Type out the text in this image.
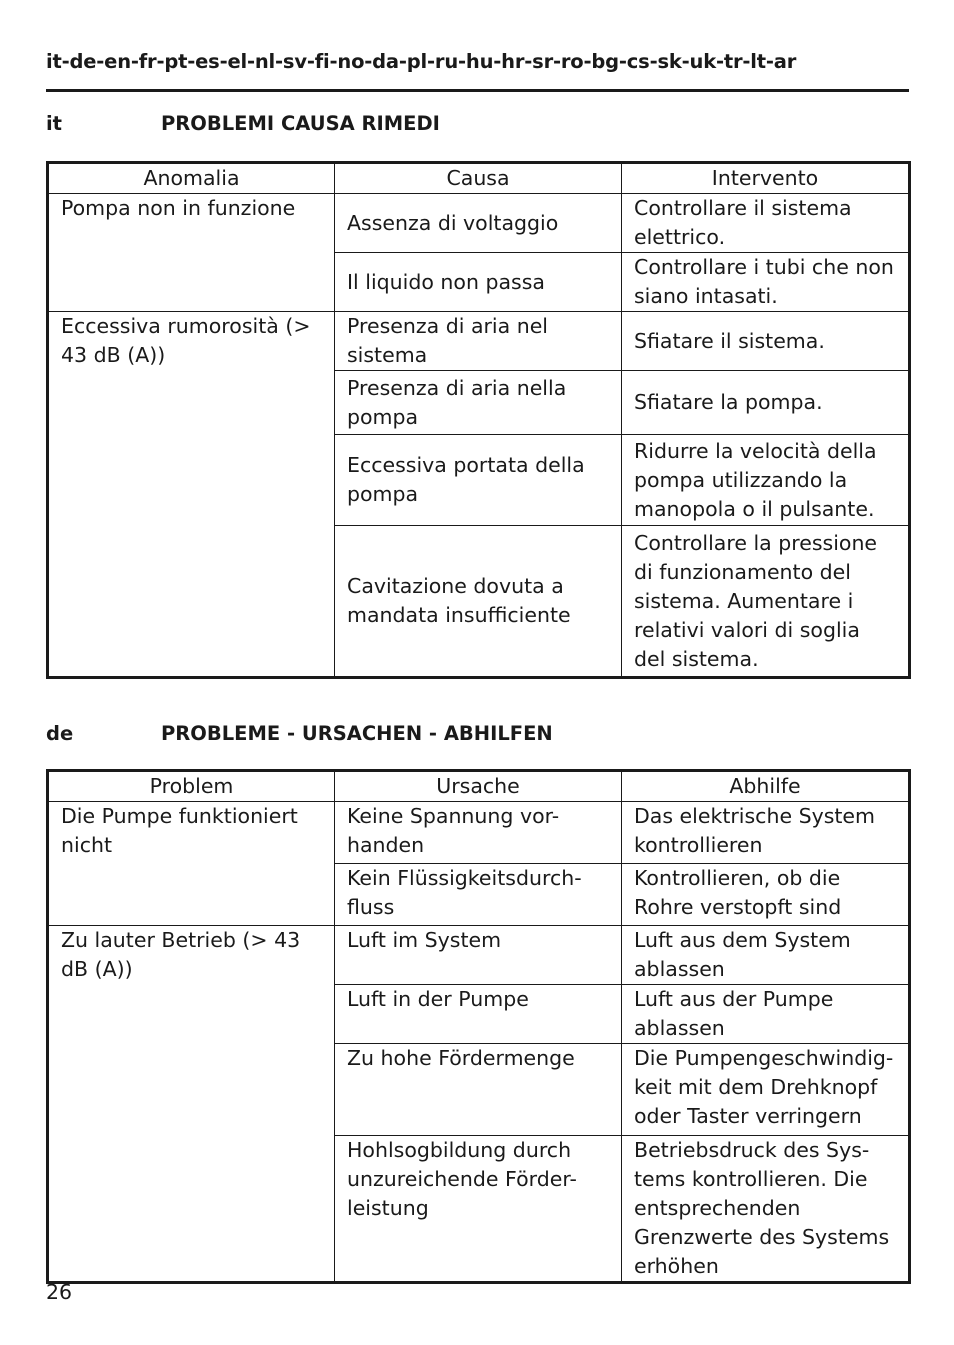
it-de-en-fr-pt-es-el-nl-sv-fi-no-da-pl-ru-hu-hr-sr-ro-bg-cs-sk-uk-tr-lt-ar
it	PROBLEMI CAUSA RIMEDI
Anomalia	Causa	Intervento
Pompa non in funzione	Assenza di voltaggio	Controllare il sistema elettrico.
	Il liquido non passa	Controllare i tubi che non siano intasati.
Eccessiva rumorosità (> 43 dB (A))	Presenza di aria nel sistema	Sfiatare il sistema.
	Presenza di aria nella pompa	Sfiatare la pompa.
	Eccessiva portata della pompa	Ridurre la velocità della pompa utilizzando la manopola o il pulsante.
	Cavitazione dovuta a mandata insufficiente	Controllare la pressione di funzionamento del sistema. Aumentare i relativi valori di soglia del sistema.
de	PROBLEME - URSACHEN - ABHILFEN
Problem	Ursache	Abhilfe
Die Pumpe funktioniert nicht	Keine Spannung vor-handen	Das elektrische System kontrollieren
	Kein Flüssigkeitsdurch-fluss	Kontrollieren, ob die Rohre verstopft sind
Zu lauter Betrieb (> 43 dB (A))	Luft im System	Luft aus dem System ablassen
	Luft in der Pumpe	Luft aus der Pumpe ablassen
	Zu hohe Fördermenge	Die Pumpengeschwindig-keit mit dem Drehknopf oder Taster verringern
	Hohlsogbildung durch unzureichende Förder-leistung	Betriebsdruck des Sys-tems kontrollieren. Die entsprechenden Grenzwerte des Systems erhöhen
26
